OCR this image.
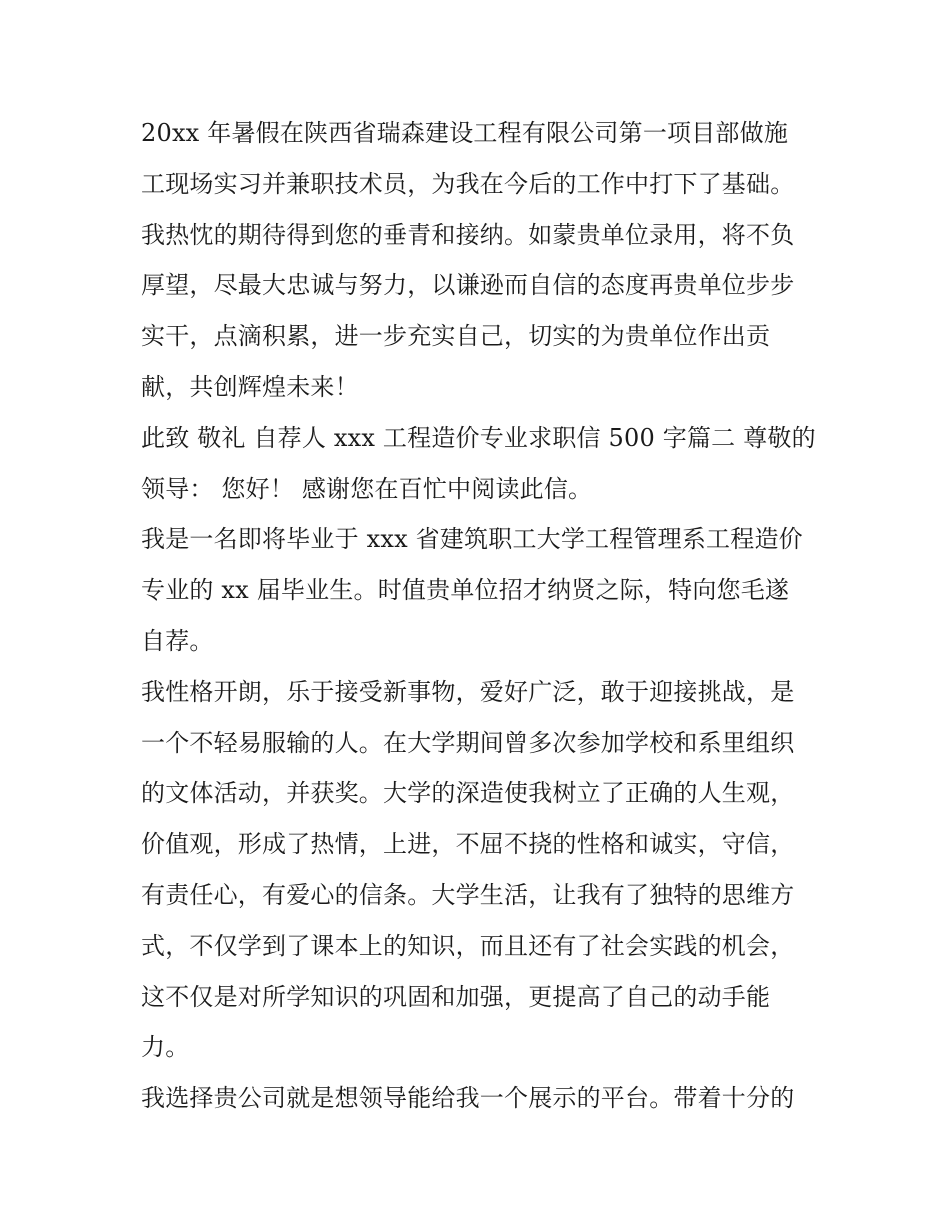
20xx 年暑假在陕西省瑞森建设工程有限公司第一项目部做施
工现场实习并兼职技术员，为我在今后的工作中打下了基础。
我热忱的期待得到您的垂青和接纳。如蒙贵单位录用，将不负
厚望，尽最大忠诚与努力，以谦逊而自信的态度再贵单位步步
实干，点滴积累，进一步充实自己，切实的为贵单位作出贡
献，共创辉煌未来！
此致 敬礼 自荐人 xxx 工程造价专业求职信 500 字篇二 尊敬的
领导： 您好！ 感谢您在百忙中阅读此信。
我是一名即将毕业于 xxx 省建筑职工大学工程管理系工程造价
专业的 xx 届毕业生。时值贵单位招才纳贤之际，特向您毛遂
自荐。
我性格开朗，乐于接受新事物，爱好广泛，敢于迎接挑战，是
一个不轻易服输的人。在大学期间曾多次参加学校和系里组织
的文体活动，并获奖。大学的深造使我树立了正确的人生观，
价值观，形成了热情，上进，不屈不挠的性格和诚实，守信，
有责任心，有爱心的信条。大学生活，让我有了独特的思维方
式，不仅学到了课本上的知识，而且还有了社会实践的机会，
这不仅是对所学知识的巩固和加强，更提高了自己的动手能
力。
我选择贵公司就是想领导能给我一个展示的平台。带着十分的
